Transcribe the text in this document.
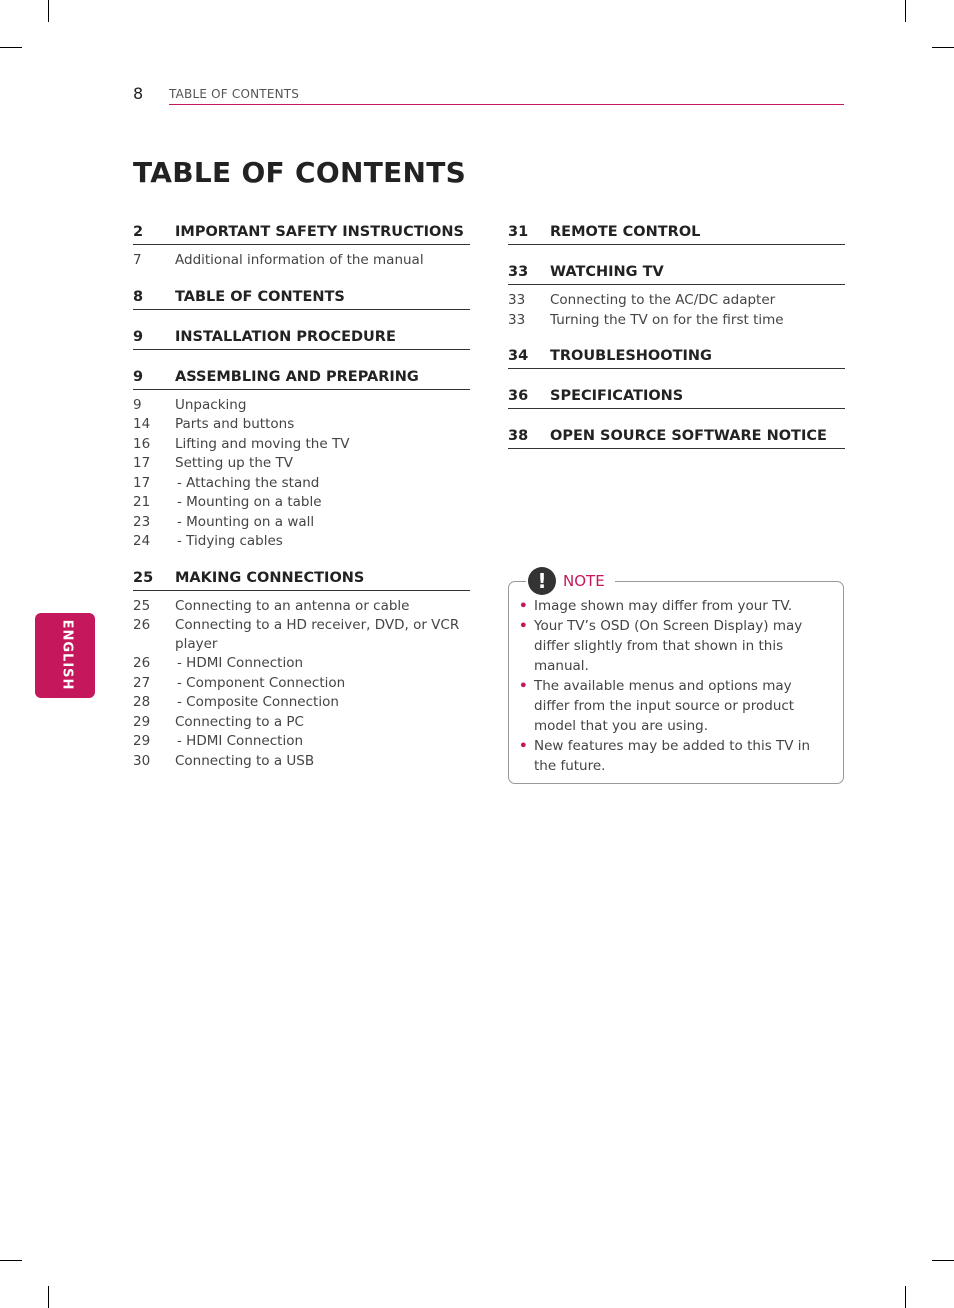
8 TABLE OF CONTENTS
TABLE OF CONTENTS
ENGLISH
2	IMPORTANT SAFETY INSTRUCTIONS
7	Additional information of the manual
8	TABLE OF CONTENTS
9	INSTALLATION PROCEDURE
9	ASSEMBLING AND PREPARING
9	Unpacking
14	Parts and buttons
16	Lifting and moving the TV
17	Setting up the TV
17	- Attaching the stand
21	- Mounting on a table
23	- Mounting on a wall
24	- Tidying cables
25	MAKING CONNECTIONS
25	Connecting to an antenna or cable
26	Connecting to a HD receiver, DVD, or VCR player
26	- HDMI Connection
27	- Component Connection
28	- Composite Connection
29	Connecting to a PC
29	- HDMI Connection
30	Connecting to a USB
31	REMOTE CONTROL
33	WATCHING TV
33	Connecting to the AC/DC adapter
33	Turning the TV on for the first time
34	TROUBLESHOOTING
36	SPECIFICATIONS
38	OPEN SOURCE SOFTWARE NOTICE
!	NOTE
• Image shown may differ from your TV.
• Your TV’s OSD (On Screen Display) may differ slightly from that shown in this manual.
• The available menus and options may differ from the input source or product model that you are using.
• New features may be added to this TV in the future.
